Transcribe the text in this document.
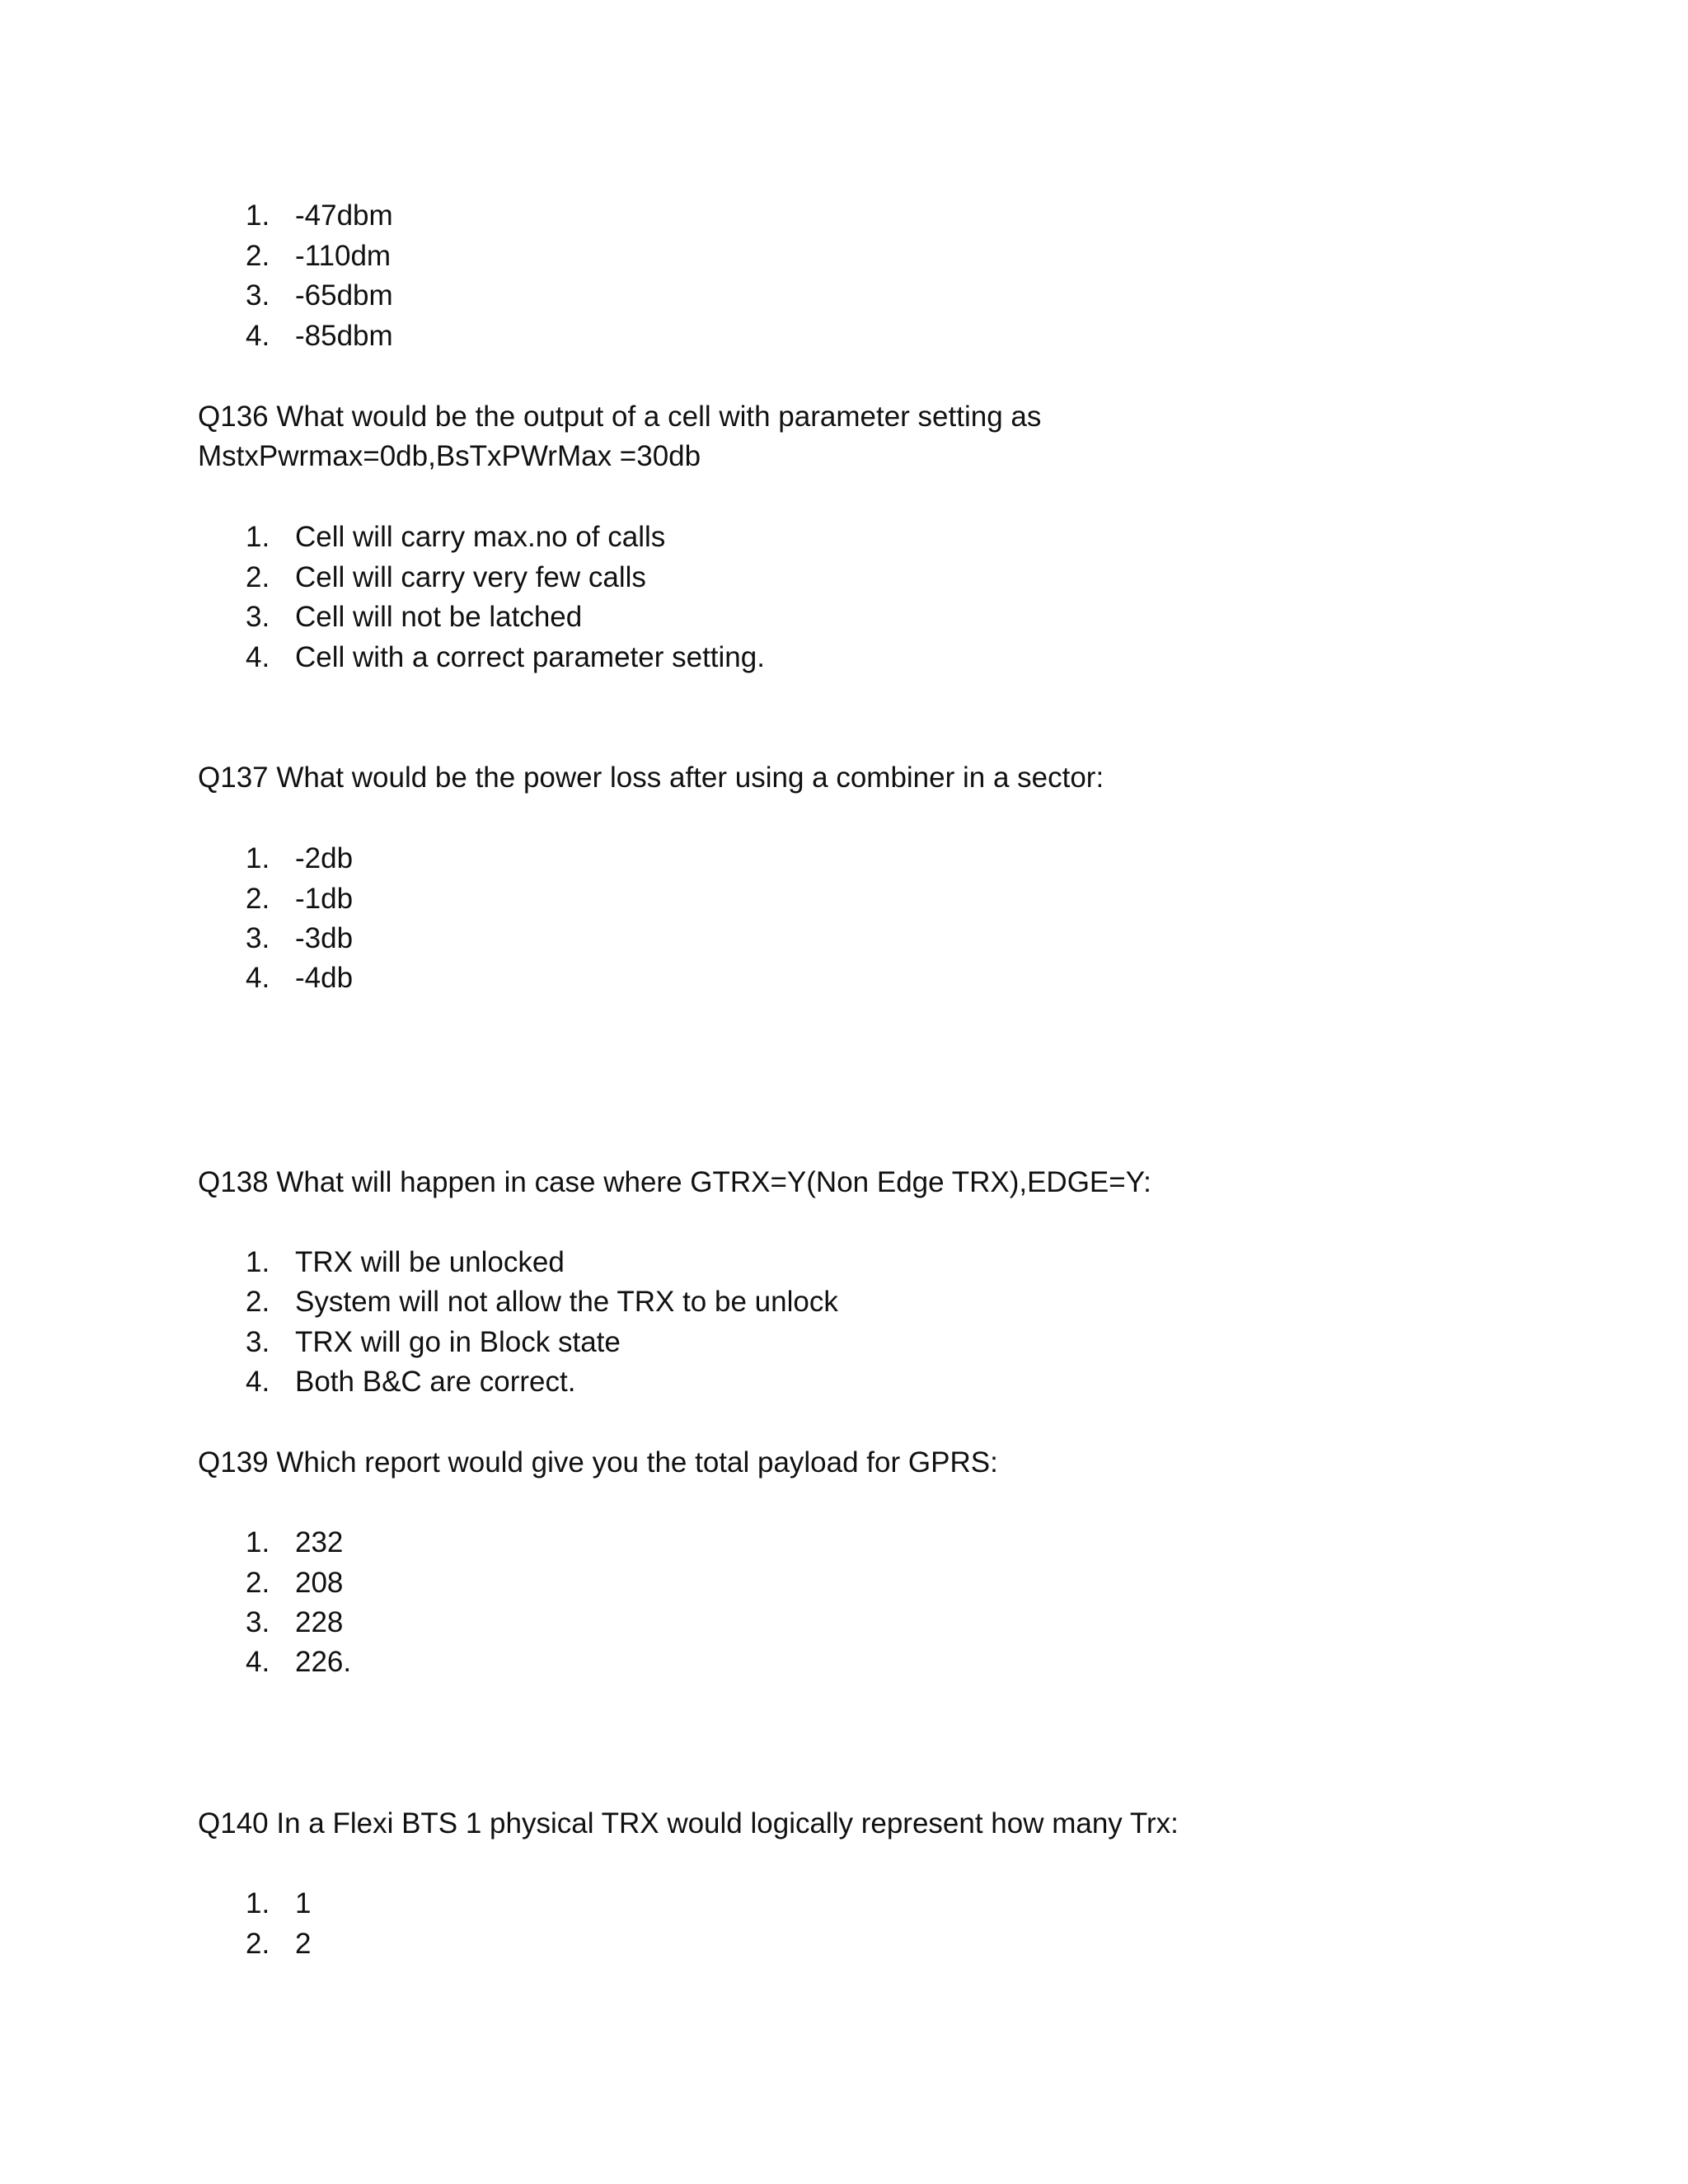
1. -47dbm
2. -110dm
3. -65dbm
4. -85dbm
Q136 What would be the output of a cell with parameter setting as
MstxPwrmax=0db,BsTxPWrMax =30db
1. Cell will carry max.no of calls
2. Cell will carry very few calls
3. Cell will not be latched
4. Cell with a correct parameter setting.
Q137 What would be the power loss after using a combiner in a sector:
1. -2db
2. -1db
3. -3db
4. -4db
Q138 What will happen in case where GTRX=Y(Non Edge TRX),EDGE=Y:
1. TRX will be unlocked
2. System will not allow the TRX to be unlock
3. TRX will go in Block state
4. Both B&C are correct.
Q139 Which report would give you the total payload for GPRS:
1. 232
2. 208
3. 228
4. 226.
Q140 In a Flexi BTS 1 physical TRX would logically represent how many Trx:
1. 1
2. 2
